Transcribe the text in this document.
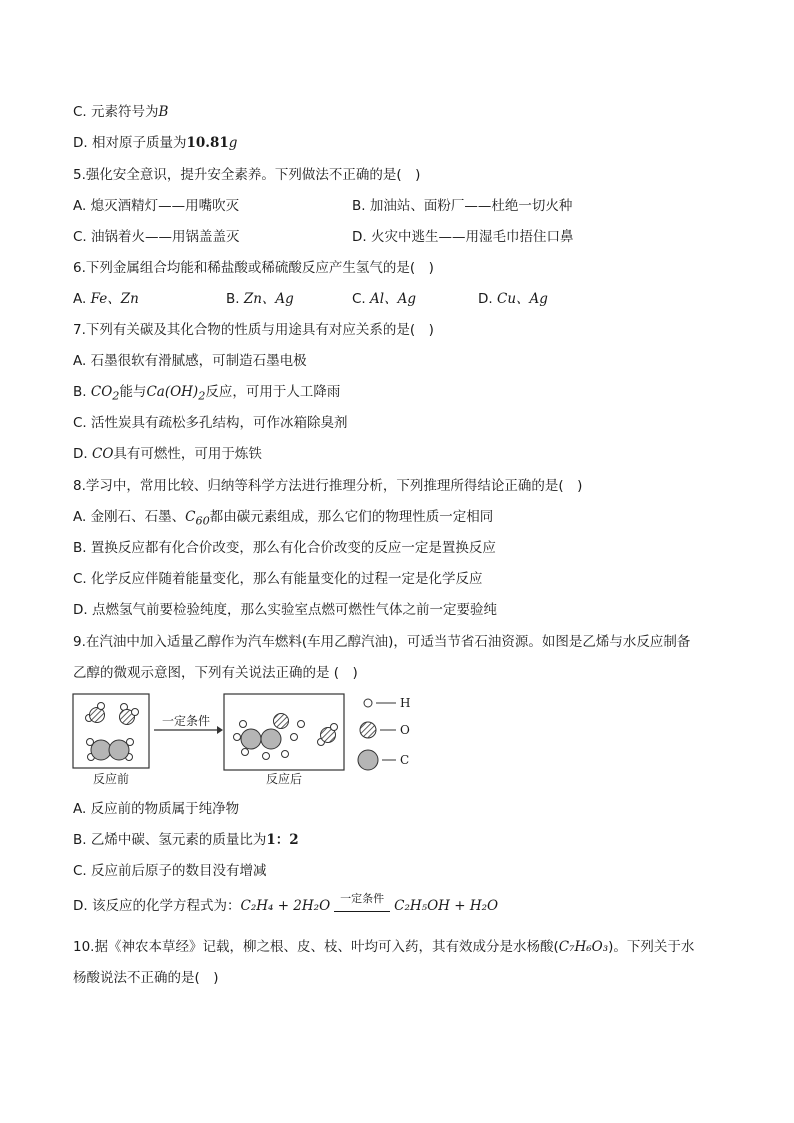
C. 元素符号为B
D. 相对原子质量为10.81g
5.强化安全意识，提升安全素养。下列做法不正确的是(　)
A. 熄灭酒精灯——用嘴吹灭	B. 加油站、面粉厂——杜绝一切火种
C. 油锅着火——用锅盖盖灭	D. 火灾中逃生——用湿毛巾捂住口鼻
6.下列金属组合均能和稀盐酸或稀硫酸反应产生氢气的是(　)
A. Fe、Zn	B. Zn、Ag	C. Al、Ag	D. Cu、Ag
7.下列有关碳及其化合物的性质与用途具有对应关系的是(　)
A. 石墨很软有滑腻感，可制造石墨电极
B. $CO_2$能与$Ca(OH)_2$反应，可用于人工降雨
C. 活性炭具有疏松多孔结构，可作冰箱除臭剂
D. CO具有可燃性，可用于炼铁
8.学习中，常用比较、归纳等科学方法进行推理分析，下列推理所得结论正确的是(　)
A. 金刚石、石墨、$C_{60}$都由碳元素组成，那么它们的物理性质一定相同
B. 置换反应都有化合价改变，那么有化合价改变的反应一定是置换反应
C. 化学反应伴随着能量变化，那么有能量变化的过程一定是化学反应
D. 点燃氢气前要检验纯度，那么实验室点燃可燃性气体之前一定要验纯
9.在汽油中加入适量乙醇作为汽车燃料(车用乙醇汽油)，可适当节省石油资源。如图是乙烯与水反应制备
乙醇的微观示意图，下列有关说法正确的是 (　)
一定条件
反应前	反应后
H
O
C
A. 反应前的物质属于纯净物
B. 乙烯中碳、氢元素的质量比为1：2
C. 反应前后原子的数目没有增减
D. 该反应的化学方程式为：C₂H₄ + 2H₂O 一定条件 C₂H₅OH + H₂O
10.据《神农本草经》记载，柳之根、皮、枝、叶均可入药，其有效成分是水杨酸(C₇H₆O₃)。下列关于水
杨酸说法不正确的是(　)
